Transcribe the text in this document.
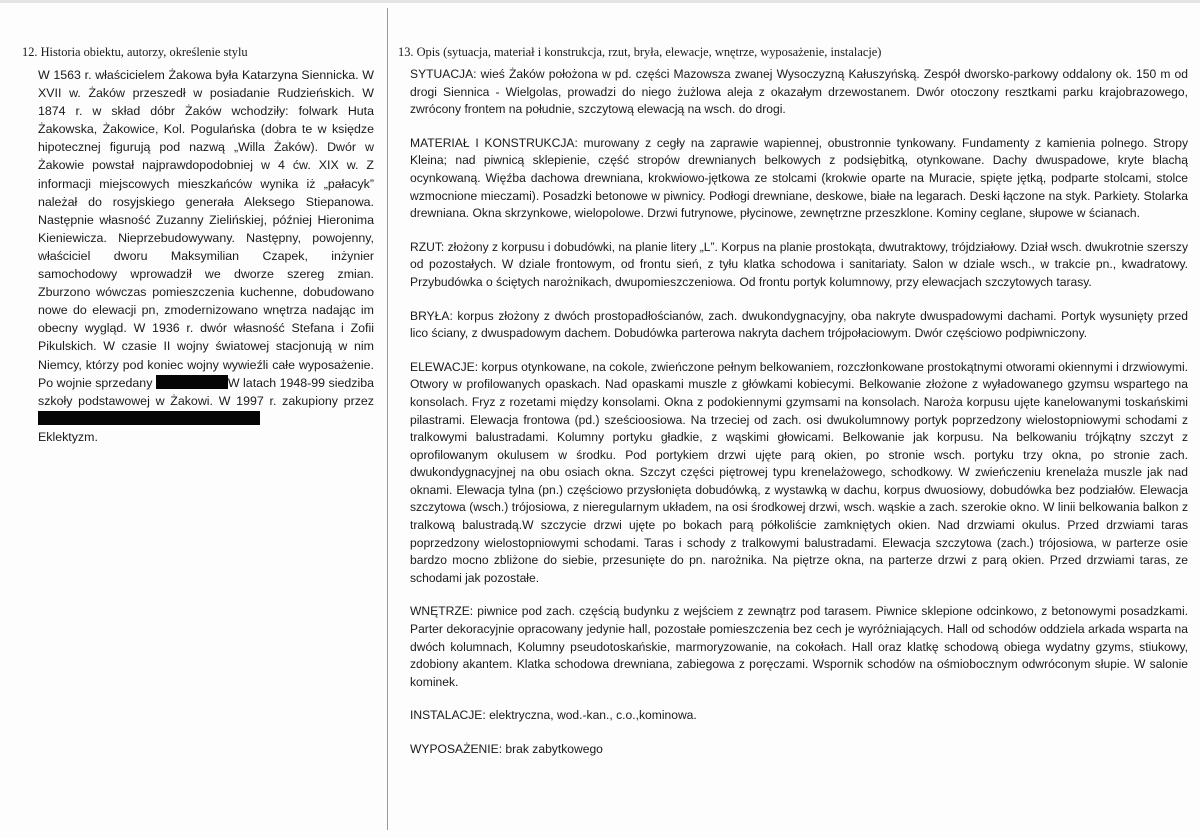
12. Historia obiektu, autorzy, określenie stylu

W 1563 r. właścicielem Żakowa była Katarzyna Siennicka. W XVII w. Żaków przeszedł w posiadanie Rudzieńskich. W 1874 r. w skład dóbr Żaków wchodziły: folwark Huta Żakowska, Żakowice, Kol. Pogulańska (dobra te w księdze hipotecznej figurują pod nazwą „Willa Żaków). Dwór w Żakowie powstał najprawdopodobniej w 4 ćw. XIX w. Z informacji miejscowych mieszkańców wynika iż „pałacyk” należał do rosyjskiego generała Aleksego Stiepanowa. Następnie własność Zuzanny Zielińskiej, później Hieronima Kieniewicza. Nieprzebudowywany. Następny, powojenny, właściciel dworu Maksymilian Czapek, inżynier samochodowy wprowadził we dworze szereg zmian. Zburzono wówczas pomieszczenia kuchenne, dobudowano nowe do elewacji pn, zmodernizowano wnętrza nadając im obecny wygląd. W 1936 r. dwór własność Stefana i Zofii Pikulskich. W czasie II wojny światowej stacjonują w nim Niemcy, którzy pod koniec wojny wywieźli całe wyposażenie. Po wojnie sprzedany	W latach 1948-99 siedziba szkoły podstawowej w Żakowi. W 1997 r. zakupiony przez

Eklektyzm.

13. Opis (sytuacja, materiał i konstrukcja, rzut, bryła, elewacje, wnętrze, wyposażenie, instalacje)

SYTUACJA: wieś Żaków położona w pd. części Mazowsza zwanej Wysoczyzną Kałuszyńską. Zespół dworsko-parkowy oddalony ok. 150 m od drogi Siennica - Wielgolas, prowadzi do niego żużlowa aleja z okazałym drzewostanem. Dwór otoczony resztkami parku krajobrazowego, zwrócony frontem na południe, szczytową elewacją na wsch. do drogi.

MATERIAŁ I KONSTRUKCJA: murowany z cegły na zaprawie wapiennej, obustronnie tynkowany. Fundamenty z kamienia polnego. Stropy Kleina; nad piwnicą sklepienie, część stropów drewnianych belkowych z podsiębitką, otynkowane. Dachy dwuspadowe, kryte blachą ocynkowaną. Więźba dachowa drewniana, krokwiowo-jętkowa ze stolcami (krokwie oparte na Muracie, spięte jętką, podparte stolcami, stolce wzmocnione mieczami). Posadzki betonowe w piwnicy. Podłogi drewniane, deskowe, białe na legarach. Deski łączone na styk. Parkiety. Stolarka drewniana. Okna skrzynkowe, wielopolowe. Drzwi futrynowe, płycinowe, zewnętrzne przeszklone. Kominy ceglane, słupowe w ścianach.

RZUT: złożony z korpusu i dobudówki, na planie litery „L”. Korpus na planie prostokąta, dwutraktowy, trójdziałowy. Dział wsch. dwukrotnie szerszy od pozostałych. W dziale frontowym, od frontu sień, z tyłu klatka schodowa i sanitariaty. Salon w dziale wsch., w trakcie pn., kwadratowy. Przybudówka o ściętych narożnikach, dwupomieszczeniowa. Od frontu portyk kolumnowy, przy elewacjach szczytowych tarasy.

BRYŁA: korpus złożony z dwóch prostopadłościanów, zach. dwukondygnacyjny, oba nakryte dwuspadowymi dachami. Portyk wysunięty przed lico ściany, z dwuspadowym dachem. Dobudówka parterowa nakryta dachem trójpołaciowym. Dwór częściowo podpiwniczony.

ELEWACJE: korpus otynkowane, na cokole, zwieńczone pełnym belkowaniem, rozczłonkowane prostokątnymi otworami okiennymi i drzwiowymi. Otwory w profilowanych opaskach. Nad opaskami muszle z główkami kobiecymi. Belkowanie złożone z wyładowanego gzymsu wspartego na konsolach. Fryz z rozetami między konsolami. Okna z podokiennymi gzymsami na konsolach. Naroża korpusu ujęte kanelowanymi toskańskimi pilastrami. Elewacja frontowa (pd.) sześcioosiowa. Na trzeciej od zach. osi dwukolumnowy portyk poprzedzony wielostopniowymi schodami z tralkowymi balustradami. Kolumny portyku gładkie, z wąskimi głowicami. Belkowanie jak korpusu. Na belkowaniu trójkątny szczyt z oprofilowanym okulusem w środku. Pod portykiem drzwi ujęte parą okien, po stronie wsch. portyku trzy okna, po stronie zach. dwukondygnacyjnej na obu osiach okna. Szczyt części piętrowej typu krenelażowego, schodkowy. W zwieńczeniu krenelaża muszle jak nad oknami. Elewacja tylna (pn.) częściowo przysłonięta dobudówką, z wystawką w dachu, korpus dwuosiowy, dobudówka bez podziałów. Elewacja szczytowa (wsch.) trójosiowa, z nieregularnym układem, na osi środkowej drzwi, wsch. wąskie a zach. szerokie okno. W linii belkowania balkon z tralkową balustradą.W szczycie drzwi ujęte po bokach parą półkoliście zamkniętych okien. Nad drzwiami okulus. Przed drzwiami taras poprzedzony wielostopniowymi schodami. Taras i schody z tralkowymi balustradami. Elewacja szczytowa (zach.) trójosiowa, w parterze osie bardzo mocno zbliżone do siebie, przesunięte do pn. narożnika. Na piętrze okna, na parterze drzwi z parą okien. Przed drzwiami taras, ze schodami jak pozostałe.

WNĘTRZE: piwnice pod zach. częścią budynku z wejściem z zewnątrz pod tarasem. Piwnice sklepione odcinkowo, z betonowymi posadzkami. Parter dekoracyjnie opracowany jedynie hall, pozostałe pomieszczenia bez cech je wyróżniających. Hall od schodów oddziela arkada wsparta na dwóch kolumnach, Kolumny pseudotoskańskie, marmoryzowanie, na cokołach. Hall oraz klatkę schodową obiega wydatny gzyms, stiukowy, zdobiony akantem. Klatka schodowa drewniana, zabiegowa z poręczami. Wspornik schodów na ośmiobocznym odwróconym słupie. W salonie kominek.

INSTALACJE: elektryczna, wod.-kan., c.o.,kominowa.

WYPOSAŻENIE: brak zabytkowego
